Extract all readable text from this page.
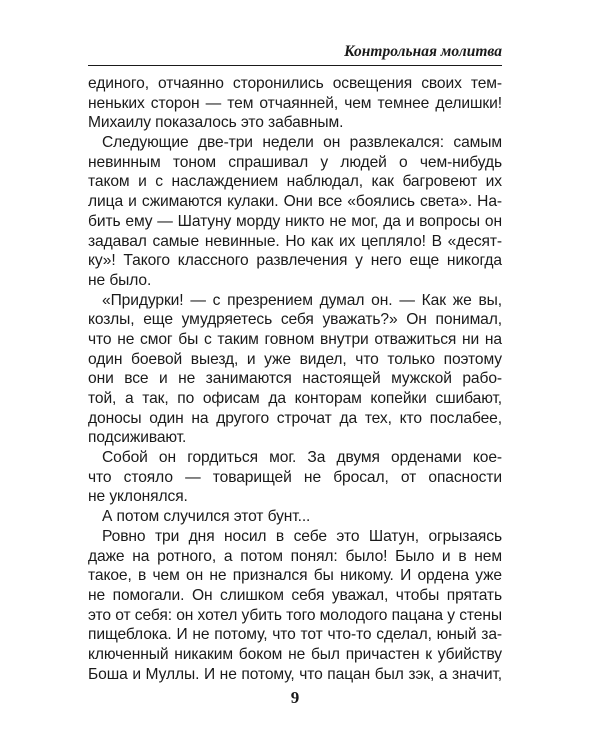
Контрольная молитва
единого, отчаянно сторонились освещения своих тем-
неньких сторон — тем отчаянней, чем темнее делишки!
Михаилу показалось это забавным.
Следующие две-три недели он развлекался: самым
невинным тоном спрашивал у людей о чем-нибудь
таком и с наслаждением наблюдал, как багровеют их
лица и сжимаются кулаки. Они все «боялись света». На-
бить ему — Шатуну морду никто не мог, да и вопросы он
задавал самые невинные. Но как их цепляло! В «десят-
ку»! Такого классного развлечения у него еще никогда
не было.
«Придурки! — с презрением думал он. — Как же вы,
козлы, еще умудряетесь себя уважать?» Он понимал,
что не смог бы с таким говном внутри отважиться ни на
один боевой выезд, и уже видел, что только поэтому
они все и не занимаются настоящей мужской рабо-
той, а так, по офисам да конторам копейки сшибают,
доносы один на другого строчат да тех, кто послабее,
подсиживают.
Собой он гордиться мог. За двумя орденами кое-
что стояло — товарищей не бросал, от опасности
не уклонялся.
А потом случился этот бунт...
Ровно три дня носил в себе это Шатун, огрызаясь
даже на ротного, а потом понял: было! Было и в нем
такое, в чем он не признался бы никому. И ордена уже
не помогали. Он слишком себя уважал, чтобы прятать
это от себя: он хотел убить того молодого пацана у стены
пищеблока. И не потому, что тот что-то сделал, юный за-
ключенный никаким боком не был причастен к убийству
Боша и Муллы. И не потому, что пацан был зэк, а значит,
9
